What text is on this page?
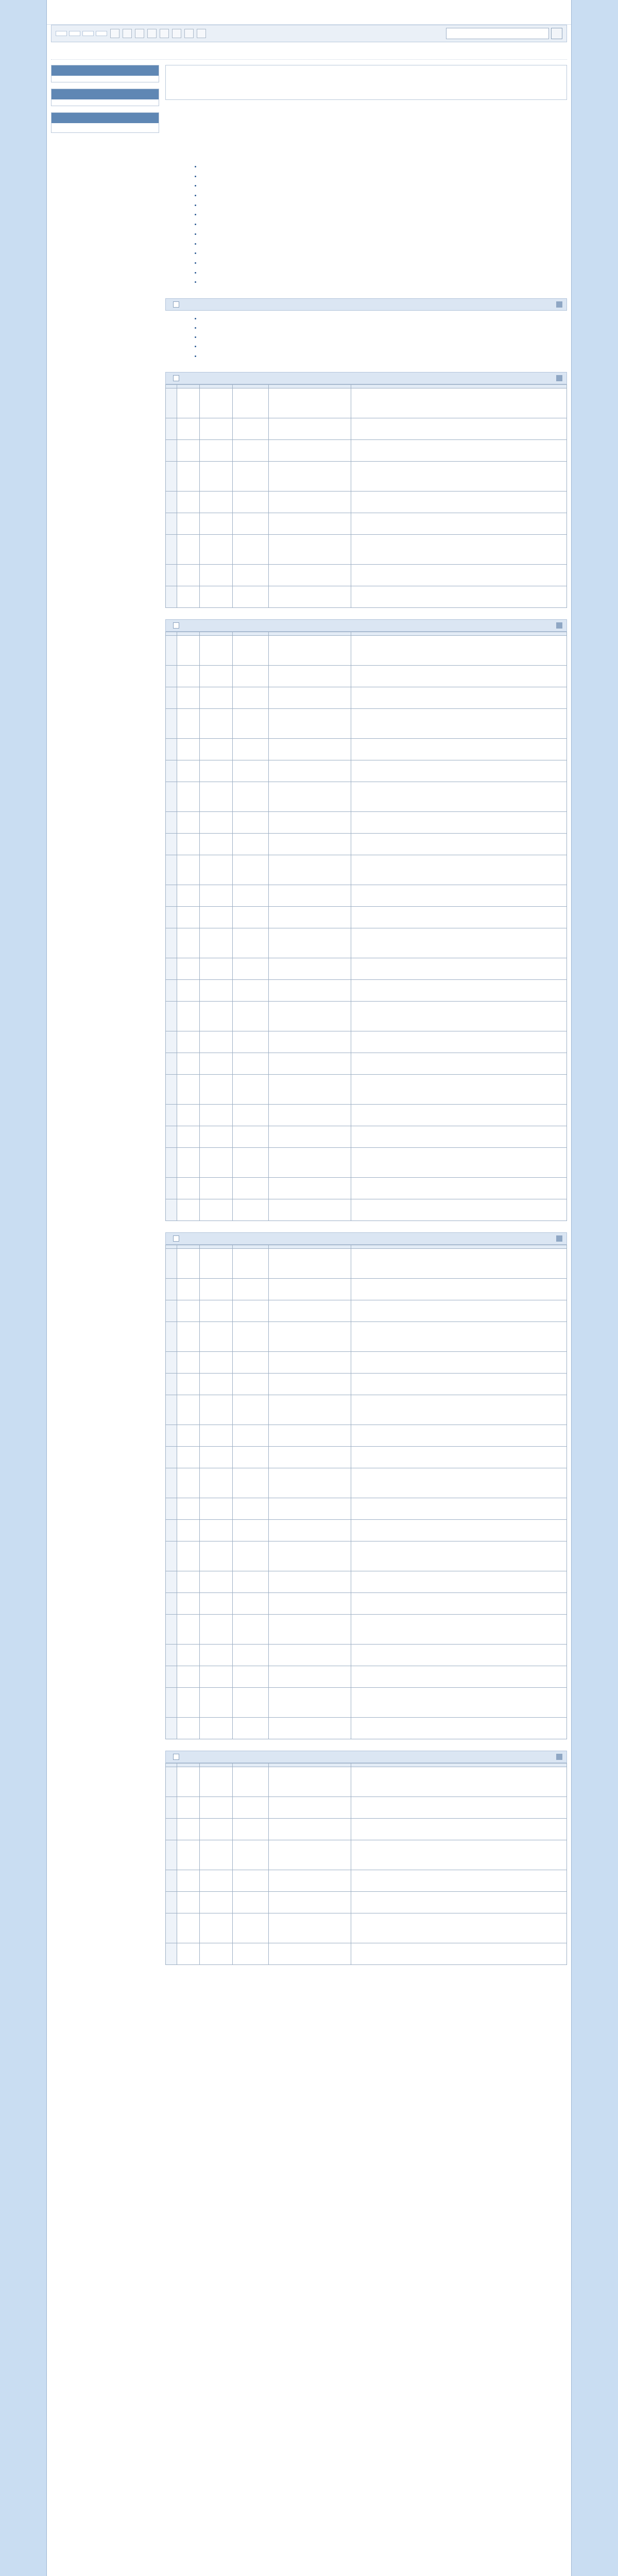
•
•
•
•
•
•
•
•
•
•
•
•
•
•
•
•
•
•
